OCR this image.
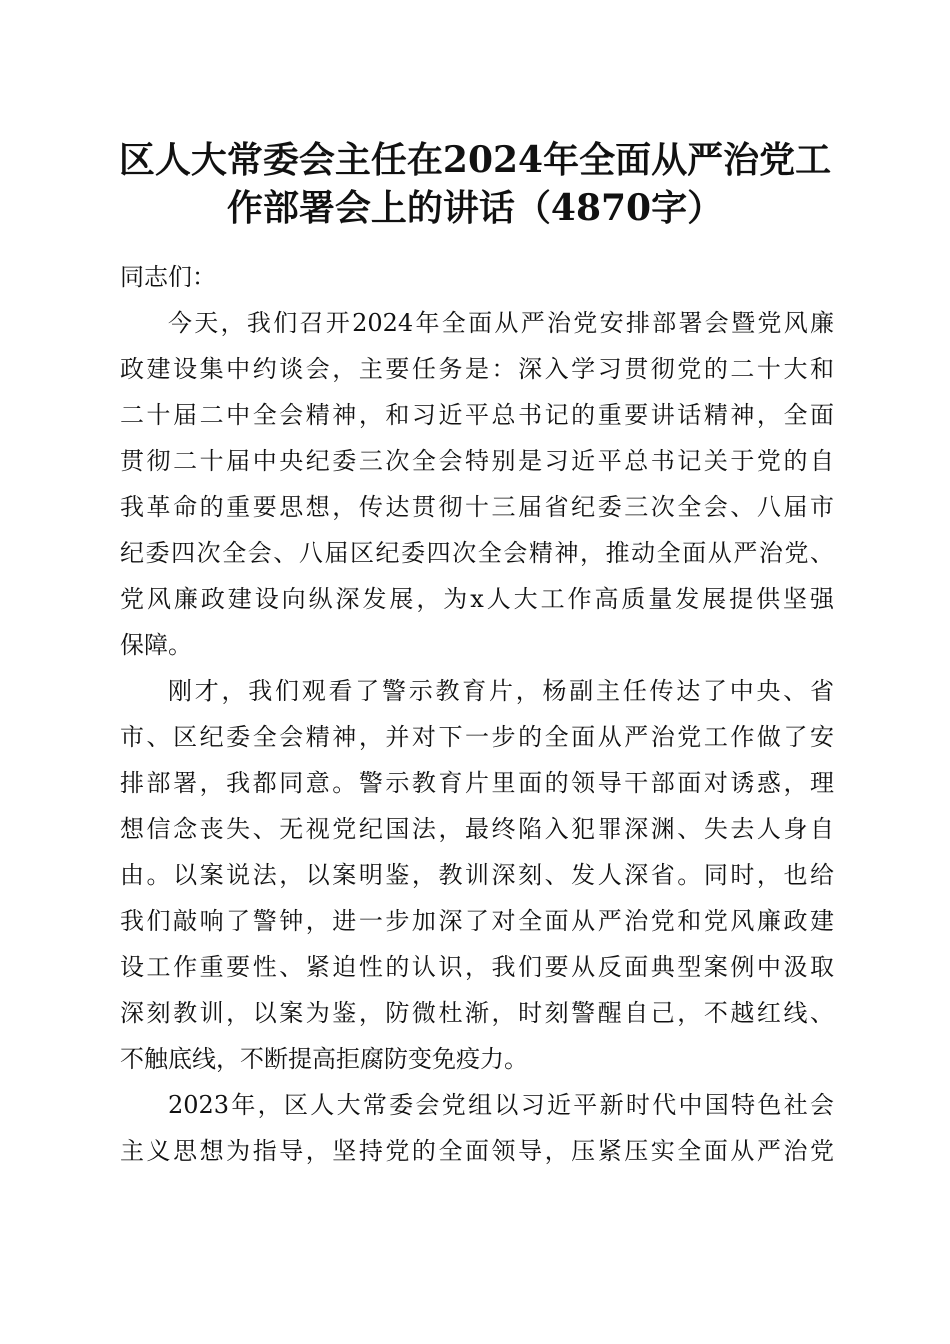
区人大常委会主任在2024年全面从严治党工
作部署会上的讲话（4870字）

同志们：

今天，我们召开2024年全面从严治党安排部署会暨党风廉
政建设集中约谈会，主要任务是：深入学习贯彻党的二十大和
二十届二中全会精神，和习近平总书记的重要讲话精神，全面
贯彻二十届中央纪委三次全会特别是习近平总书记关于党的自
我革命的重要思想，传达贯彻十三届省纪委三次全会、八届市
纪委四次全会、八届区纪委四次全会精神，推动全面从严治党、
党风廉政建设向纵深发展，为x人大工作高质量发展提供坚强
保障。

刚才，我们观看了警示教育片，杨副主任传达了中央、省
市、区纪委全会精神，并对下一步的全面从严治党工作做了安
排部署，我都同意。警示教育片里面的领导干部面对诱惑，理
想信念丧失、无视党纪国法，最终陷入犯罪深渊、失去人身自
由。以案说法，以案明鉴，教训深刻、发人深省。同时，也给
我们敲响了警钟，进一步加深了对全面从严治党和党风廉政建
设工作重要性、紧迫性的认识，我们要从反面典型案例中汲取
深刻教训，以案为鉴，防微杜渐，时刻警醒自己，不越红线、
不触底线，不断提高拒腐防变免疫力。

2023年，区人大常委会党组以习近平新时代中国特色社会
主义思想为指导，坚持党的全面领导，压紧压实全面从严治党
